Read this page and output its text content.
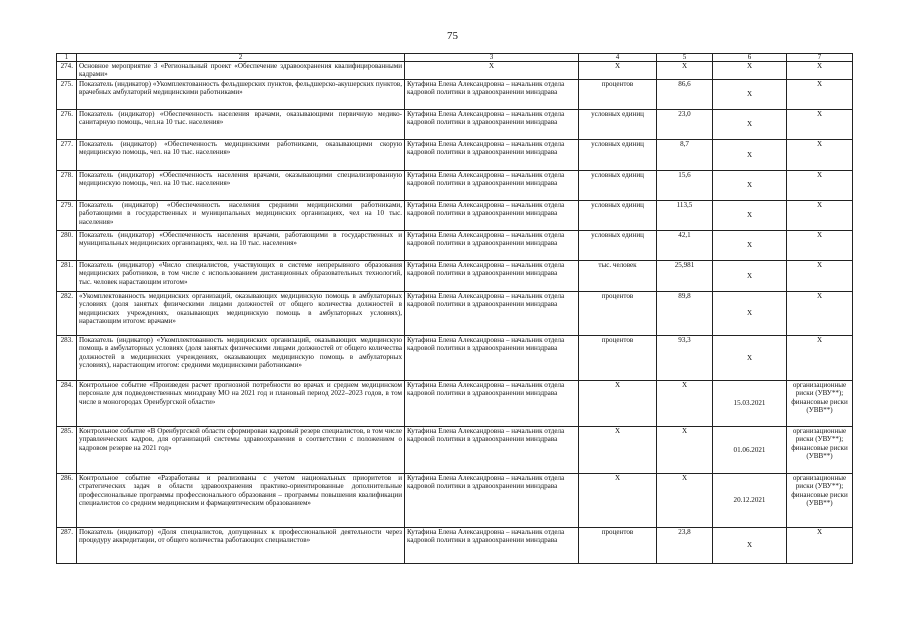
75
1	2	3	4	5	6	7
274.	Основное мероприятие 3 «Региональный проект «Обеспечение здравоохранения квалифицированными кадрами»	X	X	X	X	X
275.	Показатель (индикатор) «Укомплектованность фельдшерских пунктов, фельдшерско-акушерских пунктов, врачебных амбулаторий медицинскими работниками»	Кутафина Елена Александровна – начальник отдела кадровой политики в здравоохранении минздрава	процентов	86,6	X	X
276.	Показатель (индикатор) «Обеспеченность населения врачами, оказывающими первичную медико-санитарную помощь, чел.на 10 тыс. населения»	Кутафина Елена Александровна – начальник отдела кадровой политики в здравоохранении минздрава	условных единиц	23,0	X	X
277.	Показатель (индикатор) «Обеспеченность медицинскими работниками, оказывающими скорую медицинскую помощь, чел. на 10 тыс. населения»	Кутафина Елена Александровна – начальник отдела кадровой политики в здравоохранении минздрава	условных единиц	8,7	X	X
278.	Показатель (индикатор) «Обеспеченность населения врачами, оказывающими специализированную медицинскую помощь, чел. на 10 тыс. населения»	Кутафина Елена Александровна – начальник отдела кадровой политики в здравоохранении минздрава	условных единиц	15,6	X	X
279.	Показатель (индикатор) «Обеспеченность населения средними медицинскими работниками, работающими в государственных и муниципальных медицинских организациях, чел на 10 тыс. населения»	Кутафина Елена Александровна – начальник отдела кадровой политики в здравоохранении минздрава	условных единиц	113,5	X	X
280.	Показатель (индикатор) «Обеспеченность населения врачами, работающими в государственных и муниципальных медицинских организациях, чел. на 10 тыс. населения»	Кутафина Елена Александровна – начальник отдела кадровой политики в здравоохранении минздрава	условных единиц	42,1	X	X
281.	Показатель (индикатор) «Число специалистов, участвующих в системе непрерывного образования медицинских работников, в том числе с использованием дистанционных образовательных технологий, тыс. человек нарастающим итогом»	Кутафина Елена Александровна – начальник отдела кадровой политики в здравоохранении минздрава	тыс. человек	25,981	X	X
282.	«Укомплектованность медицинских организаций, оказывающих медицинскую помощь в амбулаторных условиях (доля занятых физическими лицами должностей от общего количества должностей в медицинских учреждениях, оказывающих медицинскую помощь в амбулаторных условиях), нарастающим итогом: врачами»	Кутафина Елена Александровна – начальник отдела кадровой политики в здравоохранении минздрава	процентов	89,8	X	X
283.	Показатель (индикатор) «Укомплектованность медицинских организаций, оказывающих медицинскую помощь в амбулаторных условиях (доля занятых физическими лицами должностей от общего количества должностей в медицинских учреждениях, оказывающих медицинскую помощь в амбулаторных условиях), нарастающим итогом: средними медицинскими работниками»	Кутафина Елена Александровна – начальник отдела кадровой политики в здравоохранении минздрава	процентов	93,3	X	X
284.	Контрольное событие «Произведен расчет прогнозной потребности во врачах и среднем медицинском персонале для подведомственных минздраву МО на 2021 год и плановый период 2022–2023 годов, в том числе в моногородах Оренбургской области»	Кутафина Елена Александровна – начальник отдела кадровой политики в здравоохранении минздрава	X	X	15.03.2021	организационные риски (УВУ**); финансовые риски (УВВ**)
285.	Контрольное событие «В Оренбургской области сформирован кадровый резерв специалистов, в том числе управленческих кадров, для организаций системы здравоохранения в соответствии с положением о кадровом резерве на 2021 год»	Кутафина Елена Александровна – начальник отдела кадровой политики в здравоохранении минздрава	X	X	01.06.2021	организационные риски (УВУ**); финансовые риски (УВВ**)
286.	Контрольное событие «Разработаны и реализованы с учетом национальных приоритетов и стратегических задач в области здравоохранения практико-ориентированные дополнительные профессиональные программы профессионального образования – программы повышения квалификации специалистов со средним медицинским и фармацевтическим образованием»	Кутафина Елена Александровна – начальник отдела кадровой политики в здравоохранении минздрава	X	X	20.12.2021	организационные риски (УВУ**); финансовые риски (УВВ**)
287.	Показатель (индикатор) «Доля специалистов, допущенных к профессиональной деятельности через процедуру аккредитации, от общего количества работающих специалистов»	Кутафина Елена Александровна – начальник отдела кадровой политики в здравоохранении минздрава	процентов	23,8	X	X
